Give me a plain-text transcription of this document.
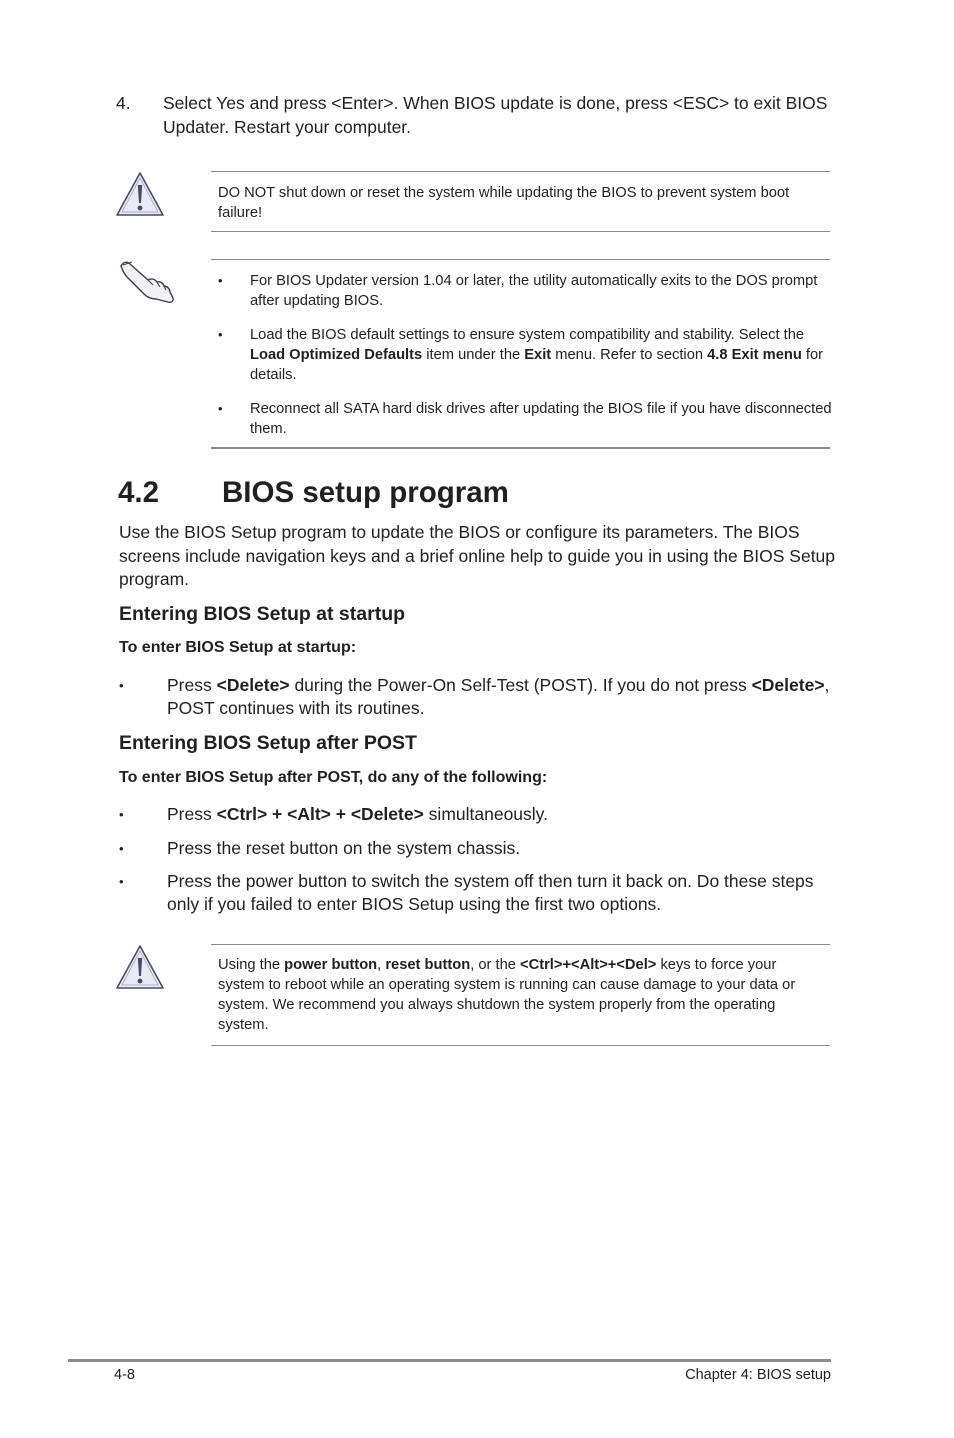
4. Select Yes and press <Enter>. When BIOS update is done, press <ESC> to exit BIOS Updater. Restart your computer.
DO NOT shut down or reset the system while updating the BIOS to prevent system boot failure!
• For BIOS Updater version 1.04 or later, the utility automatically exits to the DOS prompt after updating BIOS.
• Load the BIOS default settings to ensure system compatibility and stability. Select the Load Optimized Defaults item under the Exit menu. Refer to section 4.8 Exit menu for details.
• Reconnect all SATA hard disk drives after updating the BIOS file if you have disconnected them.
4.2 BIOS setup program
Use the BIOS Setup program to update the BIOS or configure its parameters. The BIOS screens include navigation keys and a brief online help to guide you in using the BIOS Setup program.
Entering BIOS Setup at startup
To enter BIOS Setup at startup:
• Press <Delete> during the Power-On Self-Test (POST). If you do not press <Delete>, POST continues with its routines.
Entering BIOS Setup after POST
To enter BIOS Setup after POST, do any of the following:
• Press <Ctrl> + <Alt> + <Delete> simultaneously.
• Press the reset button on the system chassis.
• Press the power button to switch the system off then turn it back on. Do these steps only if you failed to enter BIOS Setup using the first two options.
Using the power button, reset button, or the <Ctrl>+<Alt>+<Del> keys to force your system to reboot while an operating system is running can cause damage to your data or system. We recommend you always shutdown the system properly from the operating system.
4-8	Chapter 4: BIOS setup
